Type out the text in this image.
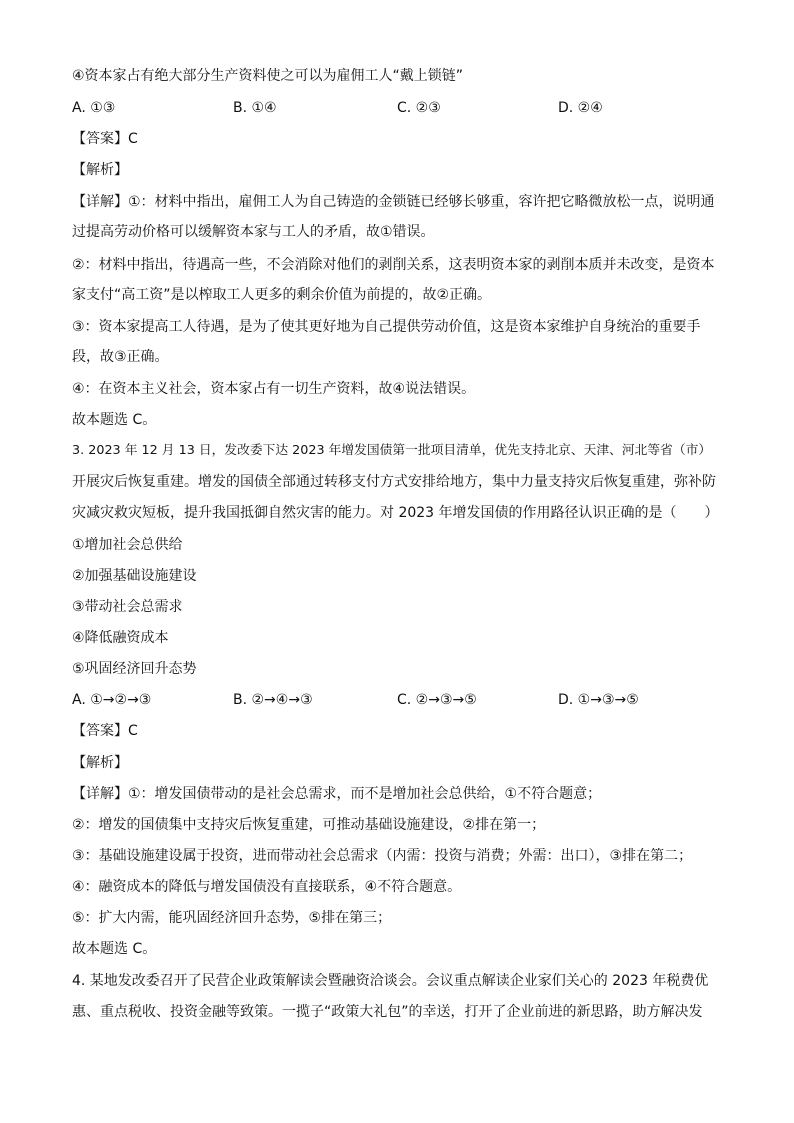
④资本家占有绝大部分生产资料使之可以为雇佣工人“戴上锁链”
A. ①③	B. ①④	C. ②③	D. ②④
【答案】C
【解析】
【详解】①：材料中指出，雇佣工人为自己铸造的金锁链已经够长够重，容许把它略微放松一点，说明通
过提高劳动价格可以缓解资本家与工人的矛盾，故①错误。
②：材料中指出，待遇高一些，不会消除对他们的剥削关系，这表明资本家的剥削本质并未改变，是资本
家支付“高工资”是以榨取工人更多的剩余价值为前提的，故②正确。
③：资本家提高工人待遇，是为了使其更好地为自己提供劳动价值，这是资本家维护自身统治的重要手
段，故③正确。
④：在资本主义社会，资本家占有一切生产资料，故④说法错误。
故本题选 C。
3. 2023 年 12 月 13 日，发改委下达 2023 年增发国债第一批项目清单，优先支持北京、天津、河北等省（市）
开展灾后恢复重建。增发的国债全部通过转移支付方式安排给地方，集中力量支持灾后恢复重建，弥补防
灾减灾救灾短板，提升我国抵御自然灾害的能力。对 2023 年增发国债的作用路径认识正确的是（　　）
①增加社会总供给
②加强基础设施建设
③带动社会总需求
④降低融资成本
⑤巩固经济回升态势
A. ①→②→③	B. ②→④→③	C. ②→③→⑤	D. ①→③→⑤
【答案】C
【解析】
【详解】①：增发国债带动的是社会总需求，而不是增加社会总供给，①不符合题意；
②：增发的国债集中支持灾后恢复重建，可推动基础设施建设，②排在第一；
③：基础设施建设属于投资，进而带动社会总需求（内需：投资与消费；外需：出口），③排在第二；
④：融资成本的降低与增发国债没有直接联系，④不符合题意。
⑤：扩大内需，能巩固经济回升态势，⑤排在第三；
故本题选 C。
4. 某地发改委召开了民营企业政策解读会暨融资洽谈会。会议重点解读企业家们关心的 2023 年税费优
惠、重点税收、投资金融等致策。一揽子“政策大礼包”的幸送，打开了企业前进的新思路，助方解决发
